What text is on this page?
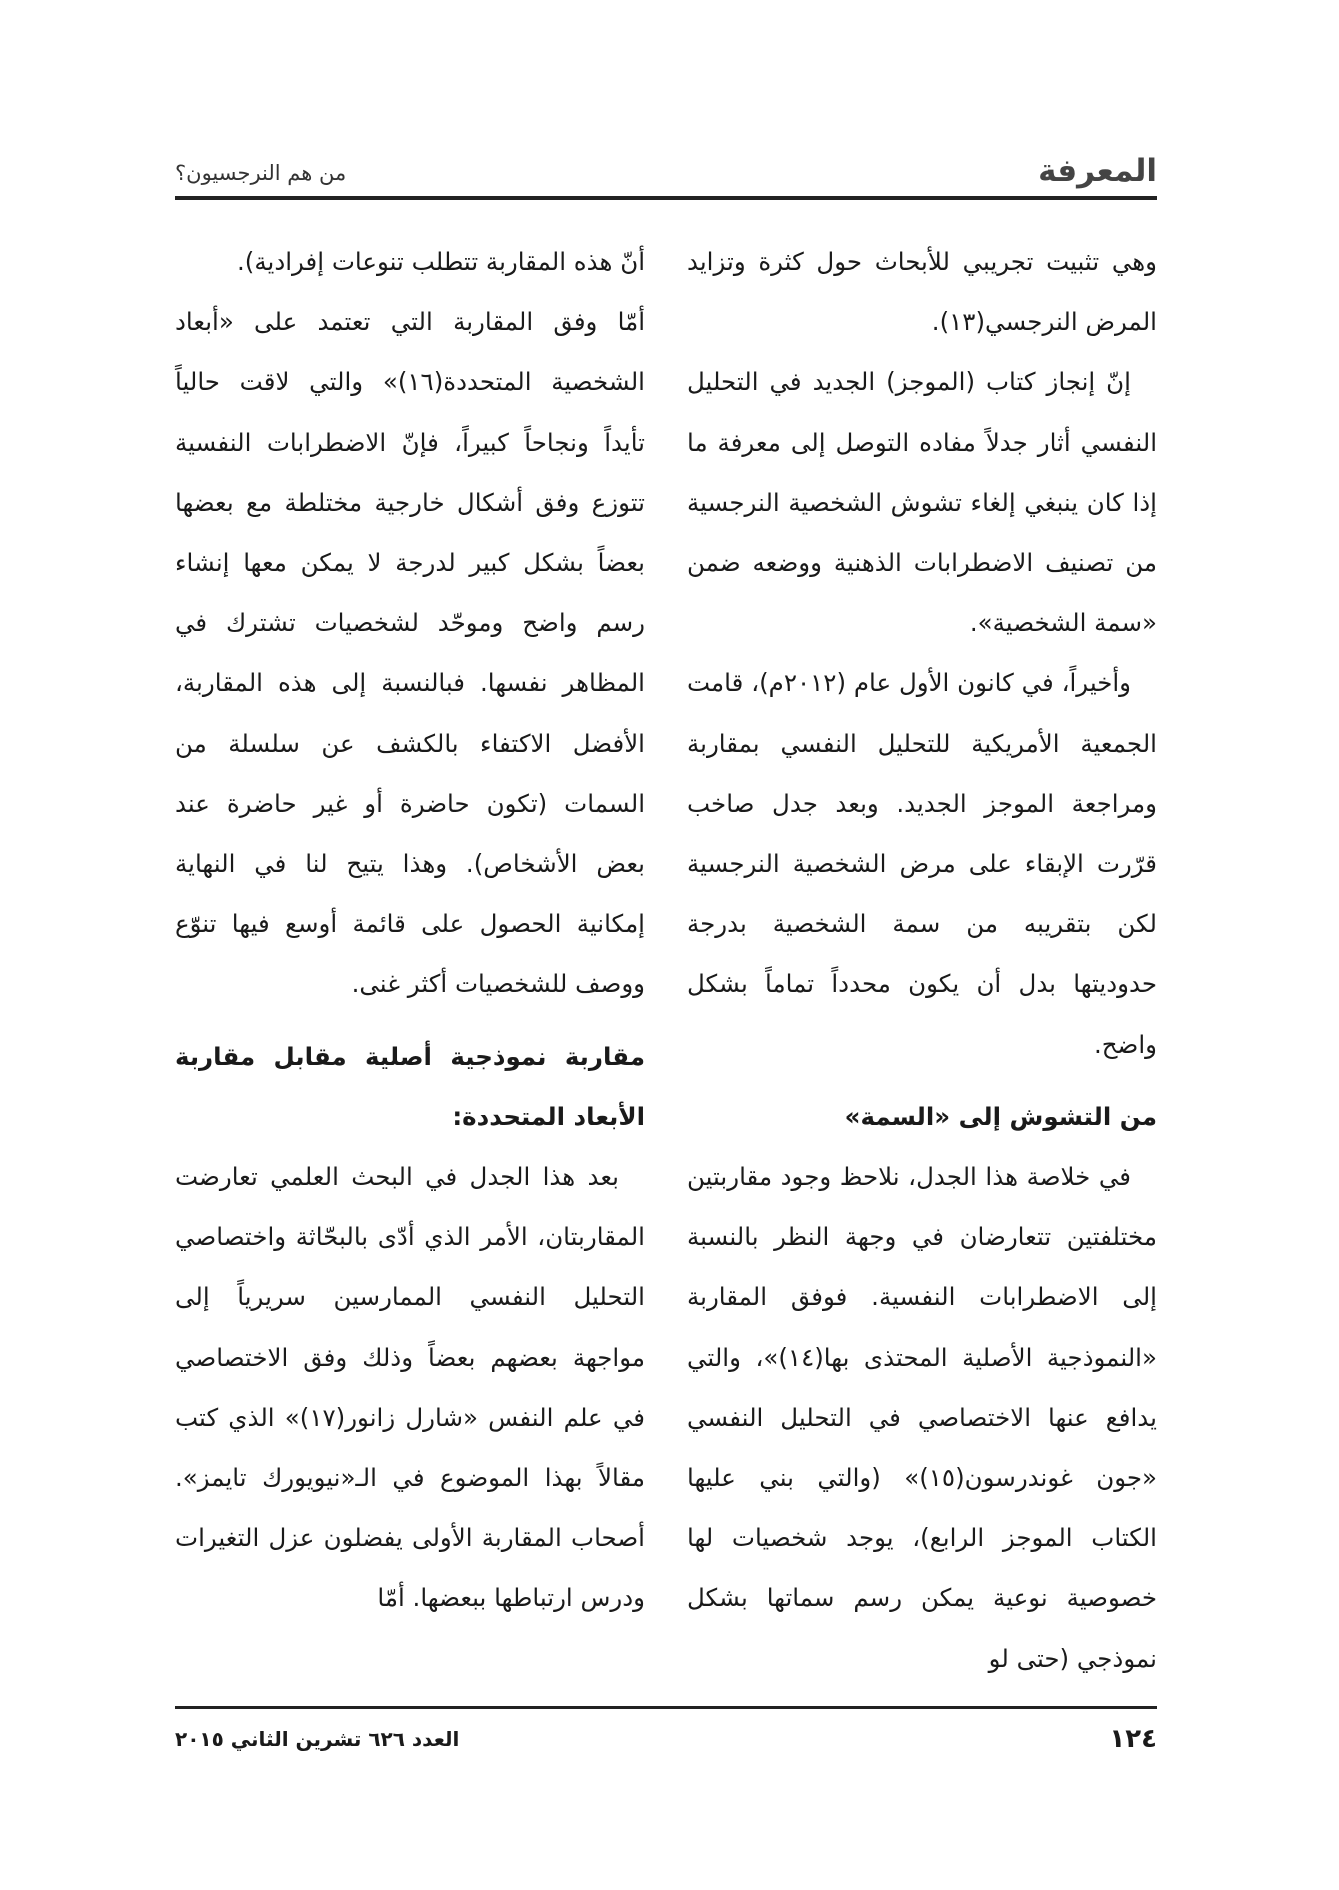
المعرفة
من هم النرجسيون؟

وهي تثبيت تجريبي للأبحاث حول كثرة وتزايد المرض النرجسي(١٣).

إنّ إنجاز كتاب (الموجز) الجديد في التحليل النفسي أثار جدلاً مفاده التوصل إلى معرفة ما إذا كان ينبغي إلغاء تشوش الشخصية النرجسية من تصنيف الاضطرابات الذهنية ووضعه ضمن «سمة الشخصية».

وأخيراً، في كانون الأول عام (٢٠١٢م)، قامت الجمعية الأمريكية للتحليل النفسي بمقاربة ومراجعة الموجز الجديد. وبعد جدل صاخب قرّرت الإبقاء على مرض الشخصية النرجسية لكن بتقريبه من سمة الشخصية بدرجة حدوديتها بدل أن يكون محدداً تماماً بشكل واضح.

من التشوش إلى «السمة»

في خلاصة هذا الجدل، نلاحظ وجود مقاربتين مختلفتين تتعارضان في وجهة النظر بالنسبة إلى الاضطرابات النفسية. فوفق المقاربة «النموذجية الأصلية المحتذى بها(١٤)»، والتي يدافع عنها الاختصاصي في التحليل النفسي «جون غوندرسون(١٥)» (والتي بني عليها الكتاب الموجز الرابع)، يوجد شخصيات لها خصوصية نوعية يمكن رسم سماتها بشكل نموذجي (حتى لو

أنّ هذه المقاربة تتطلب تنوعات إفرادية).

أمّا وفق المقاربة التي تعتمد على «أبعاد الشخصية المتحددة(١٦)» والتي لاقت حالياً تأيداً ونجاحاً كبيراً، فإنّ الاضطرابات النفسية تتوزع وفق أشكال خارجية مختلطة مع بعضها بعضاً بشكل كبير لدرجة لا يمكن معها إنشاء رسم واضح وموحّد لشخصيات تشترك في المظاهر نفسها. فبالنسبة إلى هذه المقاربة، الأفضل الاكتفاء بالكشف عن سلسلة من السمات (تكون حاضرة أو غير حاضرة عند بعض الأشخاص). وهذا يتيح لنا في النهاية إمكانية الحصول على قائمة أوسع فيها تنوّع ووصف للشخصيات أكثر غنى.

مقاربة نموذجية أصلية مقابل مقاربة الأبعاد المتحددة:

بعد هذا الجدل في البحث العلمي تعارضت المقاربتان، الأمر الذي أدّى بالبحّاثة واختصاصي التحليل النفسي الممارسين سريرياً إلى مواجهة بعضهم بعضاً وذلك وفق الاختصاصي في علم النفس «شارل زانور(١٧)» الذي كتب مقالاً بهذا الموضوع في الـ«نيويورك تايمز». أصحاب المقاربة الأولى يفضلون عزل التغيرات ودرس ارتباطها ببعضها. أمّا

١٢٤
العدد ٦٢٦ تشرين الثاني ٢٠١٥
